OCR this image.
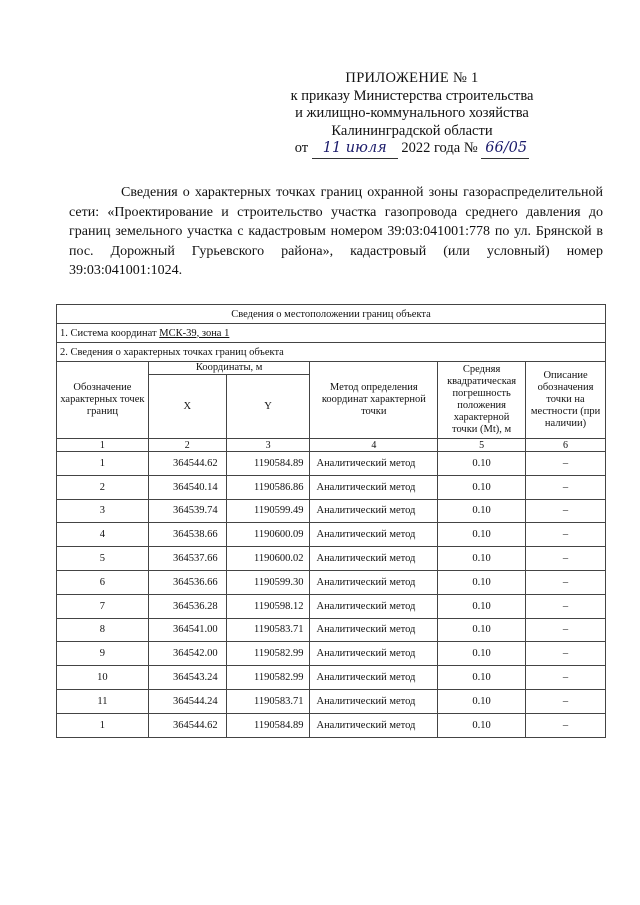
ПРИЛОЖЕНИЕ № 1
к приказу Министерства строительства
и жилищно-коммунального хозяйства
Калининградской области
от 11 июля 2022 года № 66/05
Сведения о характерных точках границ охранной зоны газораспределительной сети: «Проектирование и строительство участка газопровода среднего давления до границ земельного участка с кадастровым номером 39:03:041001:778 по ул. Брянской в пос. Дорожный Гурьевского района», кадастровый (или условный) номер 39:03:041001:1024.
Сведения о местоположении границ объекта					
1. Система координат МСК-39, зона 1					
2. Сведения о характерных точках границ объекта					
Обозначение характерных точек границ	Координаты, м		Метод определения координат характерной точки	Средняя квадратическая погрешность положения характерной точки (Mt), м	Описание обозначения точки на местности (при наличии)
	X	Y			
1	2	3	4	5	6
1	364544.62	1190584.89	Аналитический метод	0.10	–
2	364540.14	1190586.86	Аналитический метод	0.10	–
3	364539.74	1190599.49	Аналитический метод	0.10	–
4	364538.66	1190600.09	Аналитический метод	0.10	–
5	364537.66	1190600.02	Аналитический метод	0.10	–
6	364536.66	1190599.30	Аналитический метод	0.10	–
7	364536.28	1190598.12	Аналитический метод	0.10	–
8	364541.00	1190583.71	Аналитический метод	0.10	–
9	364542.00	1190582.99	Аналитический метод	0.10	–
10	364543.24	1190582.99	Аналитический метод	0.10	–
11	364544.24	1190583.71	Аналитический метод	0.10	–
1	364544.62	1190584.89	Аналитический метод	0.10	–
